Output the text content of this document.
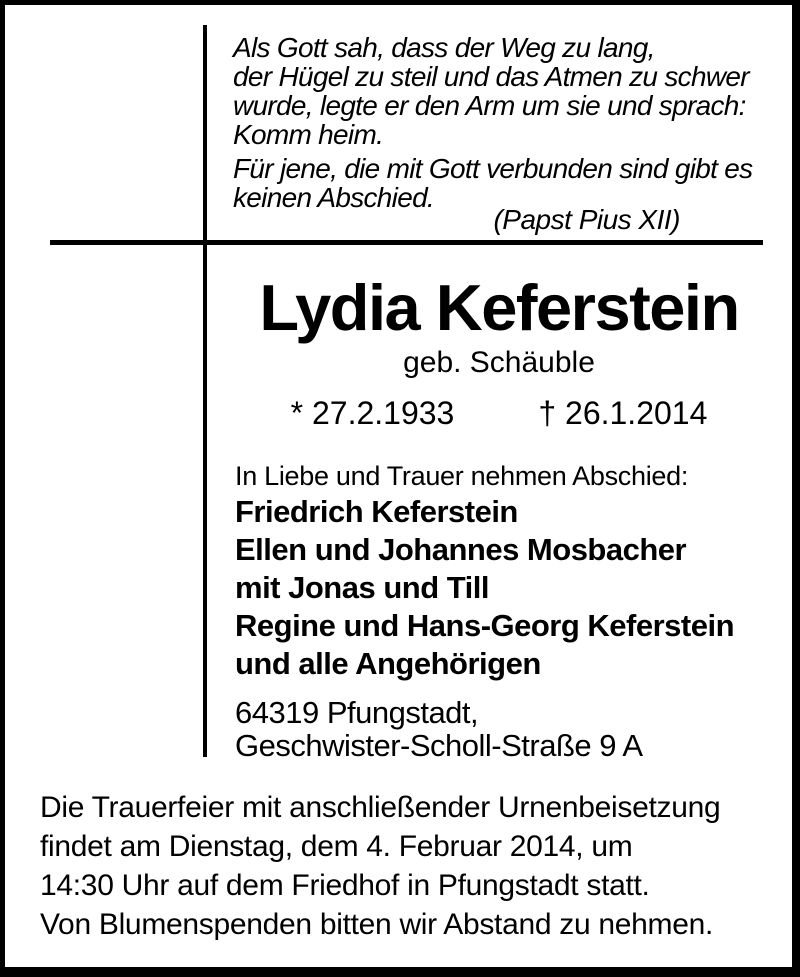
Als Gott sah, dass der Weg zu lang,
der Hügel zu steil und das Atmen zu schwer
wurde, legte er den Arm um sie und sprach:
Komm heim.
Für jene, die mit Gott verbunden sind gibt es
keinen Abschied.
(Papst Pius XII)
Lydia Keferstein
geb. Schäuble
* 27.2.1933	† 26.1.2014
In Liebe und Trauer nehmen Abschied:
Friedrich Keferstein
Ellen und Johannes Mosbacher
mit Jonas und Till
Regine und Hans-Georg Keferstein
und alle Angehörigen
64319 Pfungstadt,
Geschwister-Scholl-Straße 9 A
Die Trauerfeier mit anschließender Urnenbeisetzung
findet am Dienstag, dem 4. Februar 2014, um
14:30 Uhr auf dem Friedhof in Pfungstadt statt.
Von Blumenspenden bitten wir Abstand zu nehmen.
